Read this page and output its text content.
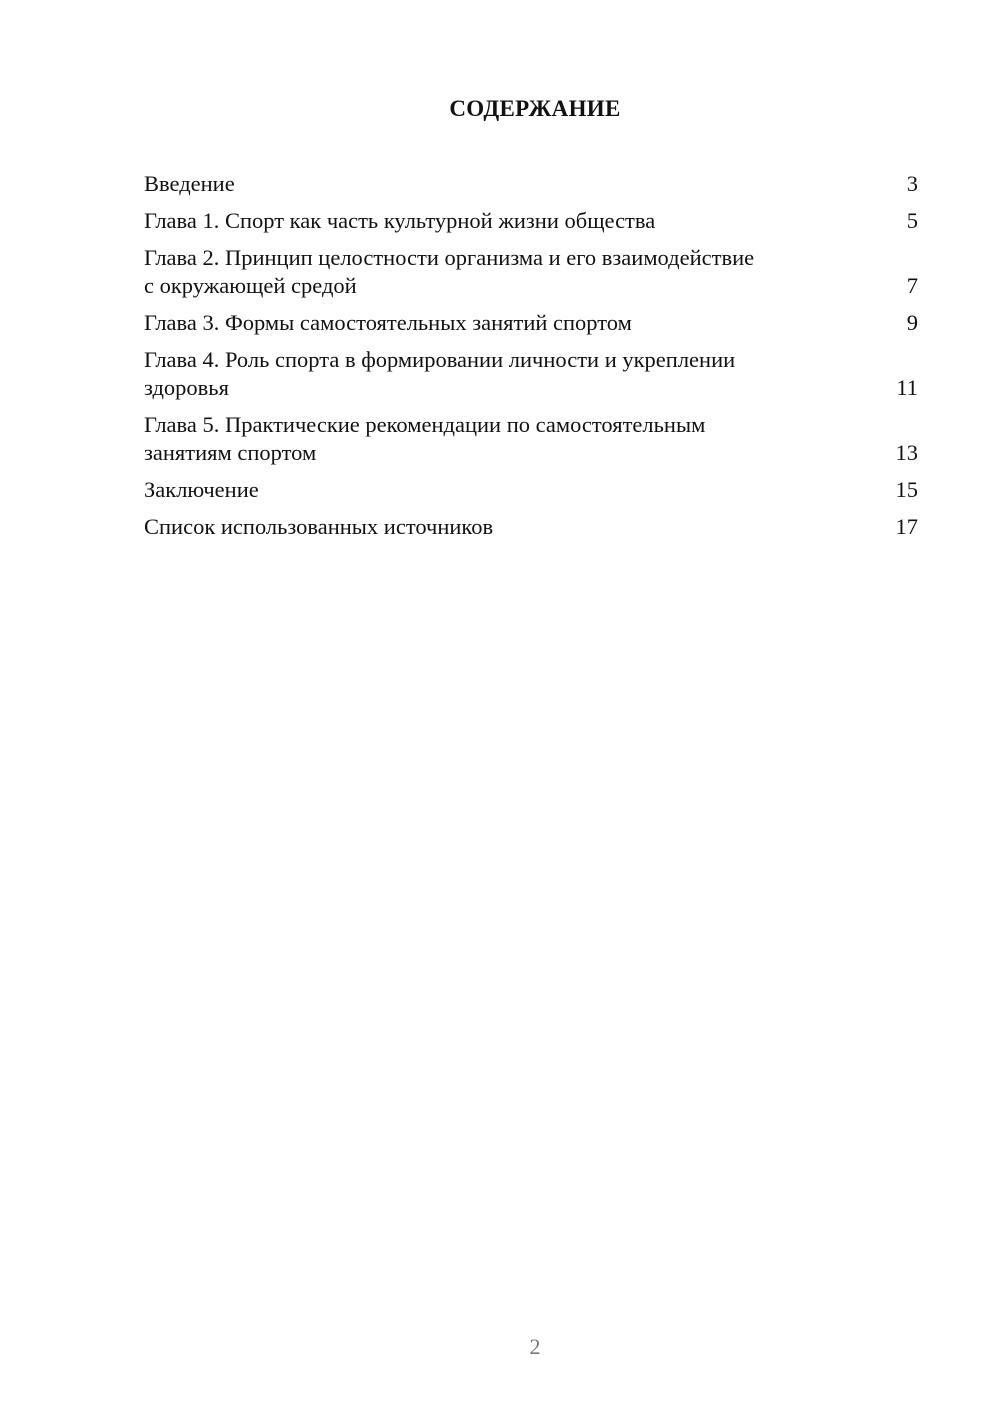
СОДЕРЖАНИЕ
Введение	3
Глава 1. Спорт как часть культурной жизни общества	5
Глава 2. Принцип целостности организма и его взаимодействие
с окружающей средой	7
Глава 3. Формы самостоятельных занятий спортом	9
Глава 4. Роль спорта в формировании личности и укреплении
здоровья	11
Глава 5. Практические рекомендации по самостоятельным
занятиям спортом	13
Заключение	15
Список использованных источников	17
2
